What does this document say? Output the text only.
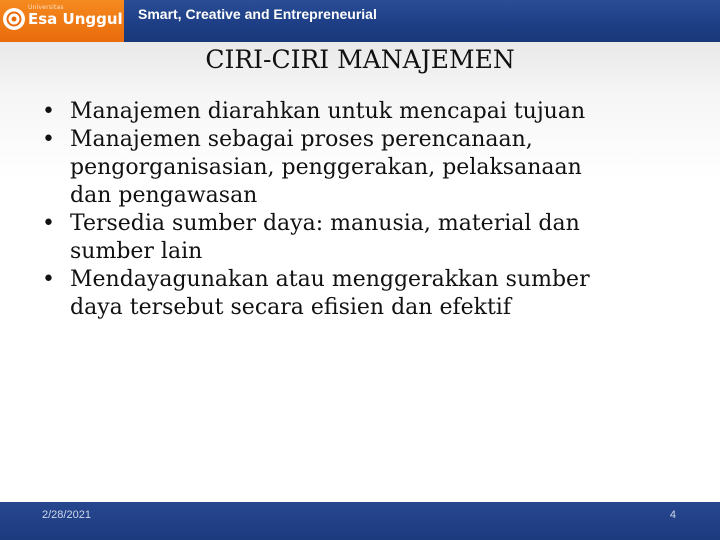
Universitas
Esa Unggul Smart, Creative and Entrepreneurial
CIRI-CIRI MANAJEMEN
• Manajemen diarahkan untuk mencapai tujuan
• Manajemen sebagai proses perencanaan,
pengorganisasian, penggerakan, pelaksanaan
dan pengawasan
• Tersedia sumber daya: manusia, material dan
sumber lain
• Mendayagunakan atau menggerakkan sumber
daya tersebut secara efisien dan efektif
2/28/2021	4
